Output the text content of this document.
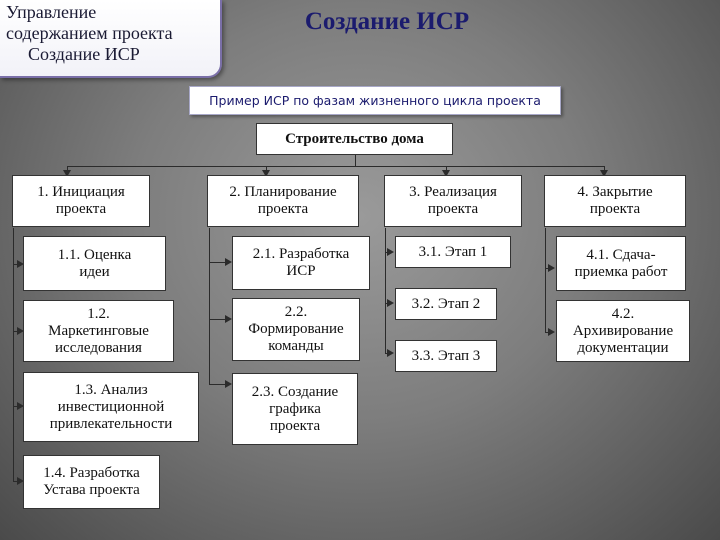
Управление
содержанием проекта
Создание ИСР
Создание ИСР
Пример ИСР по фазам жизненного цикла проекта
Строительство дома
1. Инициация
проекта
2. Планирование
проекта
3. Реализация
проекта
4. Закрытие
проекта
1.1. Оценка
идеи
1.2.
Маркетинговые
исследования
1.3. Анализ
инвестиционной
привлекательности
1.4. Разработка
Устава проекта
2.1. Разработка
ИСР
2.2.
Формирование
команды
2.3. Создание
графика
проекта
3.1. Этап 1
3.2. Этап 2
3.3. Этап 3
4.1. Сдача-
приемка работ
4.2.
Архивирование
документации
